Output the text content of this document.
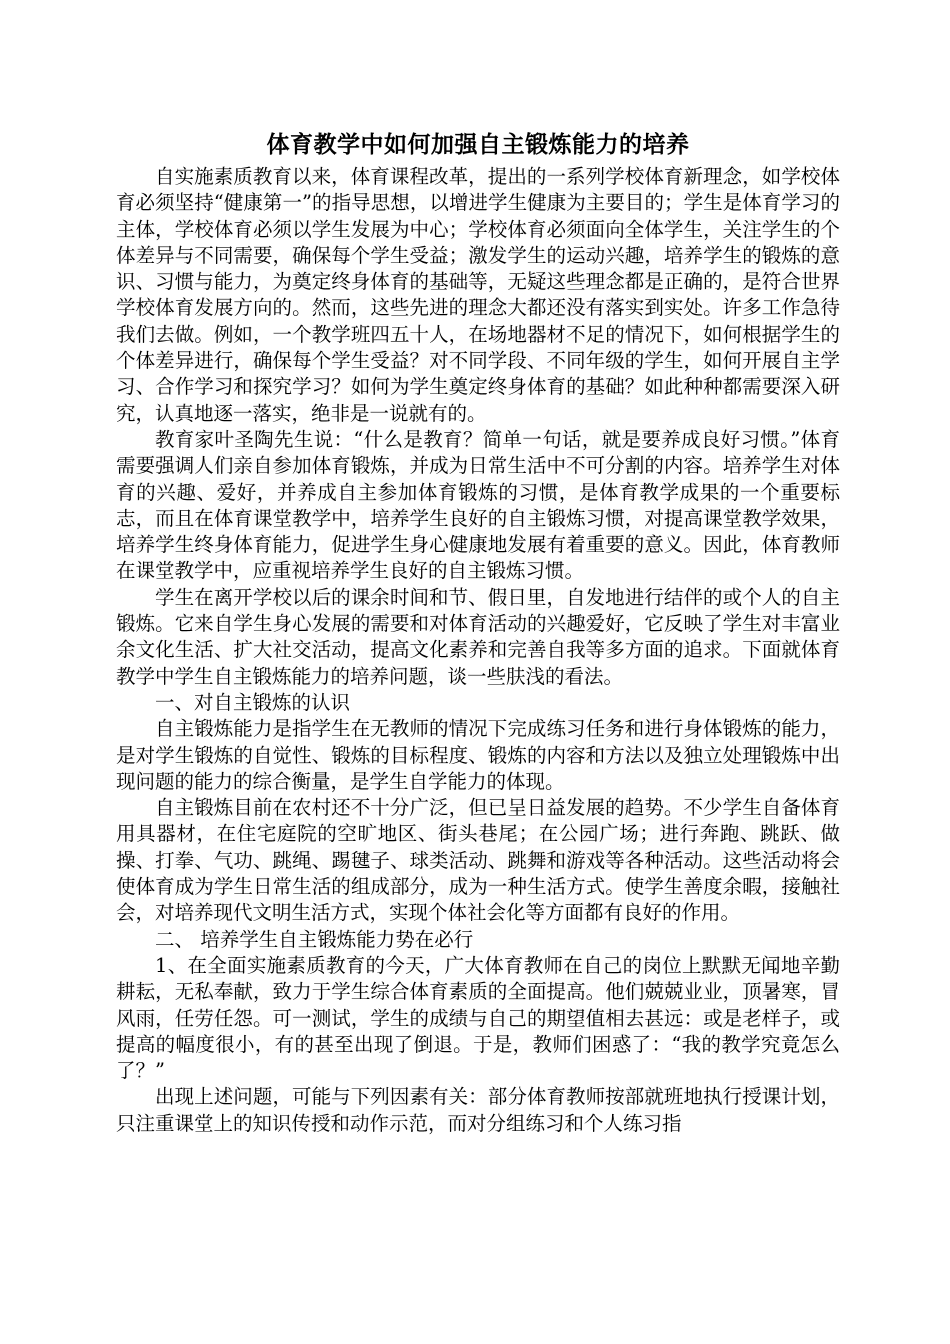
体育教学中如何加强自主锻炼能力的培养

自实施素质教育以来，体育课程改革，提出的一系列学校体育新理念，如学校体育必须坚持“健康第一”的指导思想，以增进学生健康为主要目的；学生是体育学习的主体，学校体育必须以学生发展为中心；学校体育必须面向全体学生，关注学生的个体差异与不同需要，确保每个学生受益；激发学生的运动兴趣，培养学生的锻炼的意识、习惯与能力，为奠定终身体育的基础等，无疑这些理念都是正确的，是符合世界学校体育发展方向的。然而，这些先进的理念大都还没有落实到实处。许多工作急待我们去做。例如，一个教学班四五十人，在场地器材不足的情况下，如何根据学生的个体差异进行，确保每个学生受益？对不同学段、不同年级的学生，如何开展自主学习、合作学习和探究学习？如何为学生奠定终身体育的基础？如此种种都需要深入研究，认真地逐一落实，绝非是一说就有的。

教育家叶圣陶先生说：“什么是教育？简单一句话，就是要养成良好习惯。”体育需要强调人们亲自参加体育锻炼，并成为日常生活中不可分割的内容。培养学生对体育的兴趣、爱好，并养成自主参加体育锻炼的习惯，是体育教学成果的一个重要标志，而且在体育课堂教学中，培养学生良好的自主锻炼习惯，对提高课堂教学效果，培养学生终身体育能力，促进学生身心健康地发展有着重要的意义。因此，体育教师在课堂教学中，应重视培养学生良好的自主锻炼习惯。

学生在离开学校以后的课余时间和节、假日里，自发地进行结伴的或个人的自主锻炼。它来自学生身心发展的需要和对体育活动的兴趣爱好，它反映了学生对丰富业余文化生活、扩大社交活动，提高文化素养和完善自我等多方面的追求。下面就体育教学中学生自主锻炼能力的培养问题，谈一些肤浅的看法。

一、对自主锻炼的认识

自主锻炼能力是指学生在无教师的情况下完成练习任务和进行身体锻炼的能力，是对学生锻炼的自觉性、锻炼的目标程度、锻炼的内容和方法以及独立处理锻炼中出现问题的能力的综合衡量，是学生自学能力的体现。

自主锻炼目前在农村还不十分广泛，但已呈日益发展的趋势。不少学生自备体育用具器材，在住宅庭院的空旷地区、街头巷尾；在公园广场；进行奔跑、跳跃、做操、打拳、气功、跳绳、踢毽子、球类活动、跳舞和游戏等各种活动。这些活动将会使体育成为学生日常生活的组成部分，成为一种生活方式。使学生善度余暇，接触社会，对培养现代文明生活方式，实现个体社会化等方面都有良好的作用。

二、 培养学生自主锻炼能力势在必行

1、在全面实施素质教育的今天，广大体育教师在自己的岗位上默默无闻地辛勤耕耘，无私奉献，致力于学生综合体育素质的全面提高。他们兢兢业业，顶暑寒，冒风雨，任劳任怨。可一测试，学生的成绩与自己的期望值相去甚远：或是老样子，或提高的幅度很小，有的甚至出现了倒退。于是，教师们困惑了：“我的教学究竟怎么了？”

出现上述问题，可能与下列因素有关：部分体育教师按部就班地执行授课计划，只注重课堂上的知识传授和动作示范，而对分组练习和个人练习指
